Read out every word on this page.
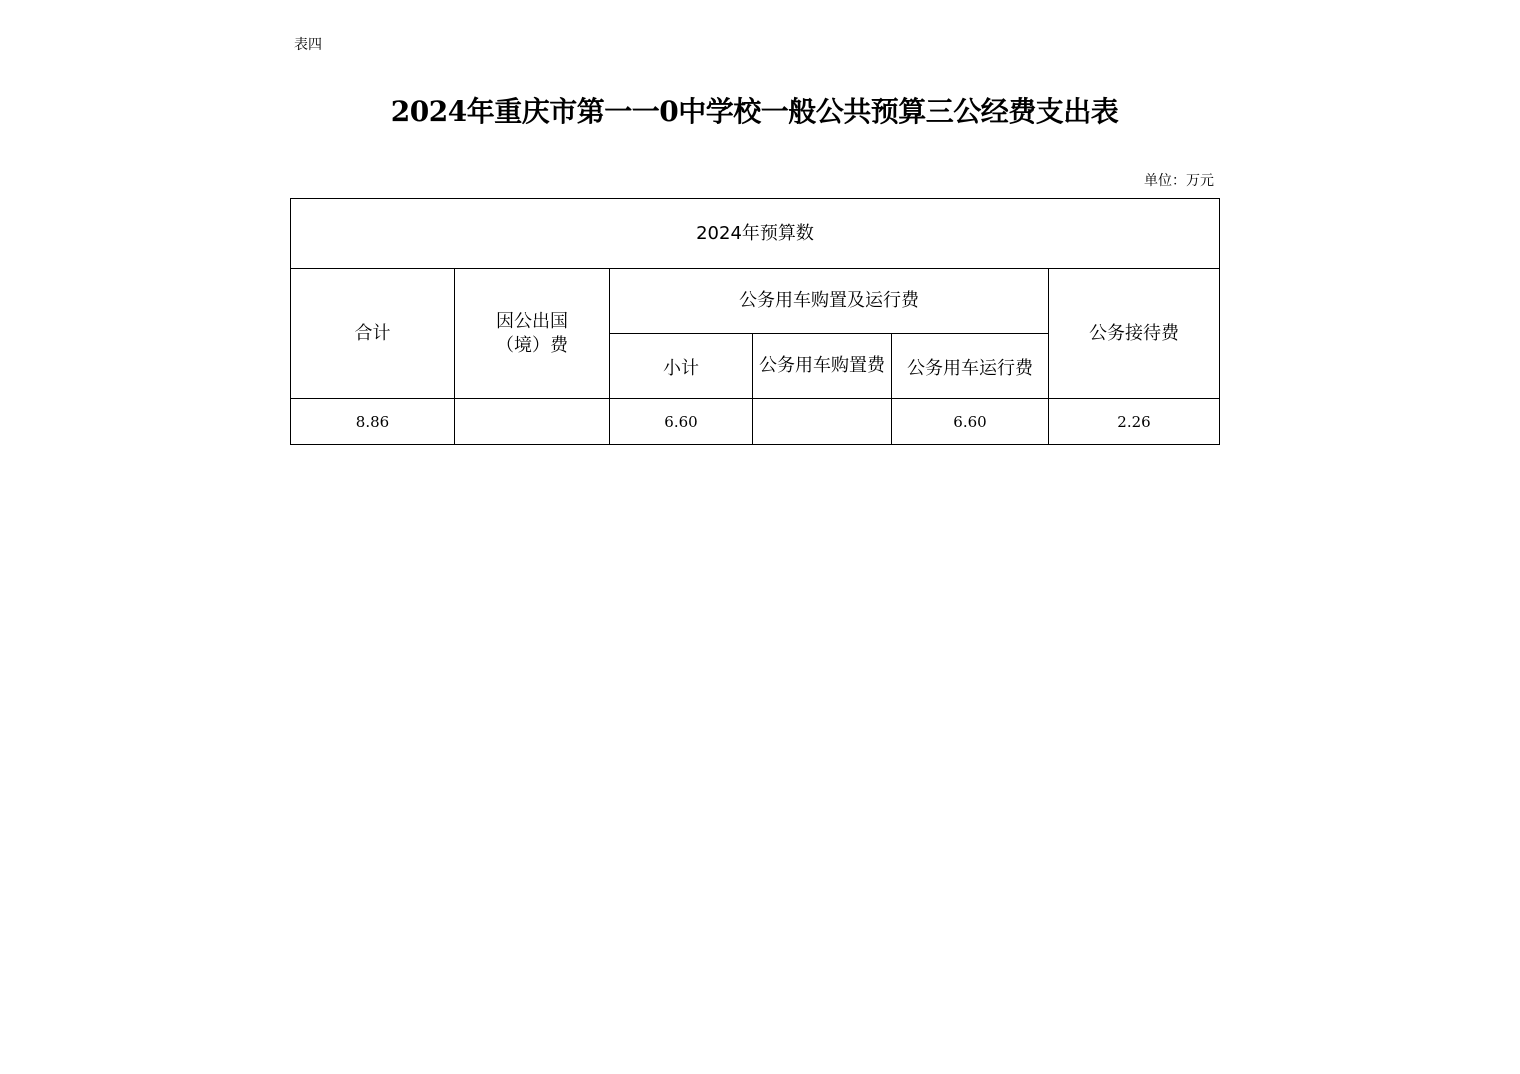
表四
2024年重庆市第一一0中学校一般公共预算三公经费支出表
单位：万元
2024年预算数					
合计	因公出国（境）费	公务用车购置及运行费			公务接待费
		小计	公务用车购置费	公务用车运行费	
8.86		6.60		6.60	2.26
